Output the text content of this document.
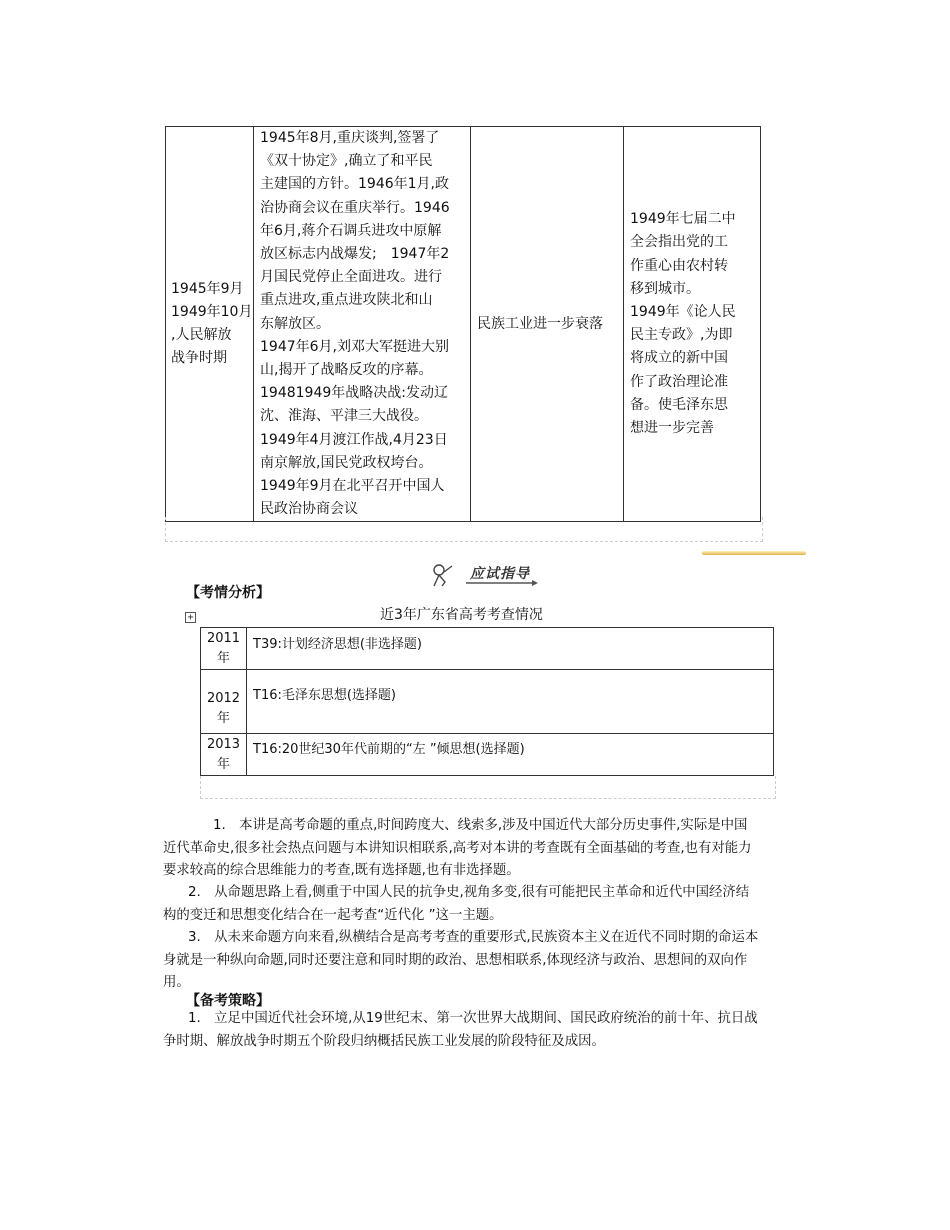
1945年9月
1949年10月
,人民解放
战争时期

1945年8月,重庆谈判,签署了
《双十协定》,确立了和平民
主建国的方针。1946年1月,政
治协商会议在重庆举行。1946
年6月,蒋介石调兵进攻中原解
放区标志内战爆发;　1947年2
月国民党停止全面进攻。进行
重点进攻,重点进攻陕北和山
东解放区。
1947年6月,刘邓大军挺进大别
山,揭开了战略反攻的序幕。
19481949年战略决战:发动辽
沈、淮海、平津三大战役。
1949年4月渡江作战,4月23日
南京解放,国民党政权垮台。
1949年9月在北平召开中国人
民政治协商会议

民族工业进一步衰落

1949年七届二中
全会指出党的工
作重心由农村转
移到城市。
1949年《论人民
民主专政》,为即
将成立的新中国
作了政治理论准
备。使毛泽东思
想进一步完善
应试指导
【考情分析】
+	近3年广东省高考考查情况
2011
年	T39:计划经济思想(非选择题)

2012
年	T16:毛泽东思想(选择题)

2013
年	T16:20世纪30年代前期的“左 ”倾思想(选择题)
1.　本讲是高考命题的重点,时间跨度大、线索多,涉及中国近代大部分历史事件,实际是中国
近代革命史,很多社会热点问题与本讲知识相联系,高考对本讲的考查既有全面基础的考查,也有对能力
要求较高的综合思维能力的考查,既有选择题,也有非选择题。
2.　从命题思路上看,侧重于中国人民的抗争史,视角多变,很有可能把民主革命和近代中国经济结
构的变迁和思想变化结合在一起考查“近代化 ”这一主题。
3.　从未来命题方向来看,纵横结合是高考考查的重要形式,民族资本主义在近代不同时期的命运本
身就是一种纵向命题,同时还要注意和同时期的政治、思想相联系,体现经济与政治、思想间的双向作
用。
【备考策略】
1.　立足中国近代社会环境,从19世纪末、第一次世界大战期间、国民政府统治的前十年、抗日战
争时期、解放战争时期五个阶段归纳概括民族工业发展的阶段特征及成因。
